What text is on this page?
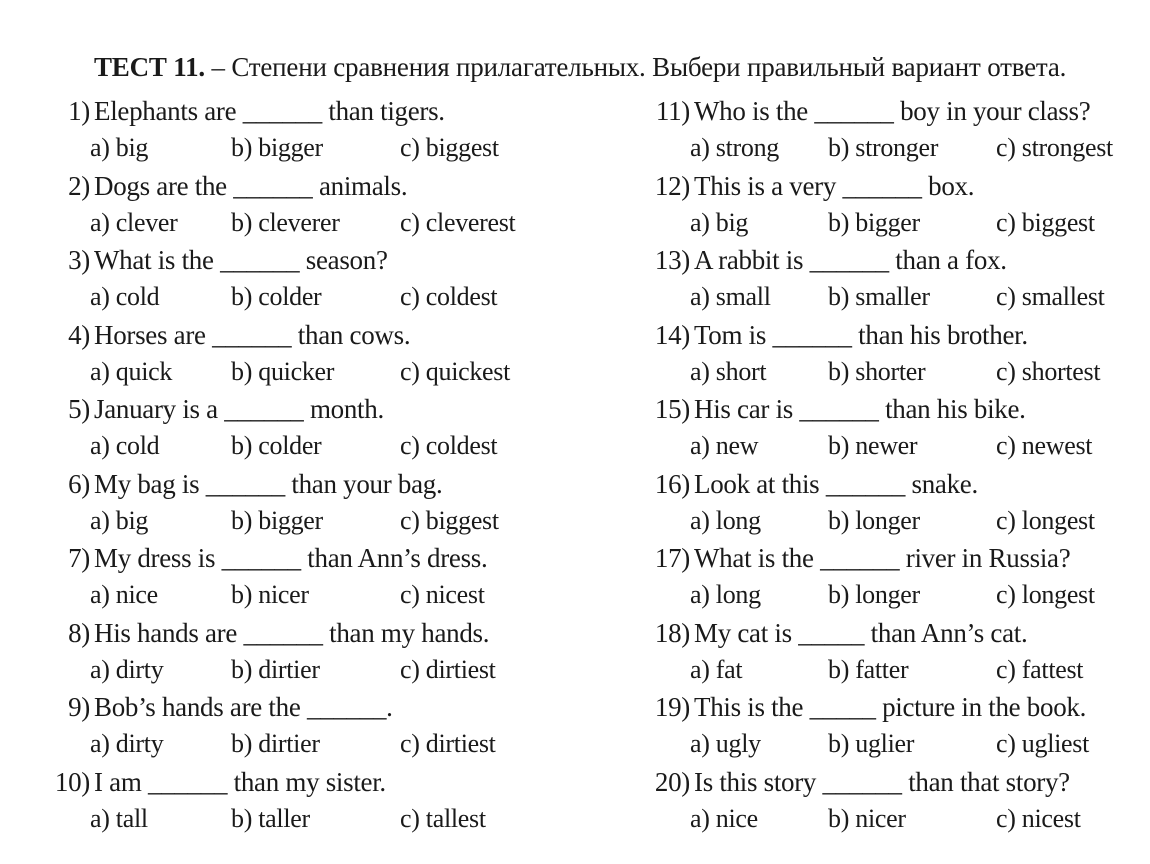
ТЕСТ 11. – Степени сравнения прилагательных. Выбери правильный вариант ответа.
1) Elephants are ______ than tigers.
a) big	b) bigger	c) biggest
2) Dogs are the ______ animals.
a) clever b) cleverer c) cleverest
3) What is the ______ season?
a) cold	b) colder	c) coldest
4) Horses are ______ than cows.
a) quick b) quicker	c) quickest
5) January is a ______ month.
a) cold	b) colder	c) coldest
6) My bag is ______ than your bag.
a) big	b) bigger	c) biggest
7) My dress is ______ than Ann’s dress.
a) nice	b) nicer	c) nicest
8) His hands are ______ than my hands.
a) dirty	b) dirtier	c) dirtiest
9) Bob’s hands are the ______.
a) dirty	b) dirtier	c) dirtiest
10) I am ______ than my sister.
a) tall	b) taller	c) tallest
11) Who is the ______ boy in your class?
a) strong b) stronger c) strongest
12) This is a very ______ box.
a) big	b) bigger	c) biggest
13) A rabbit is ______ than a fox.
a) small b) smaller	c) smallest
14) Tom is ______ than his brother.
a) short b) shorter	c) shortest
15) His car is ______ than his bike.
a) new	b) newer	c) newest
16) Look at this ______ snake.
a) long	b) longer	c) longest
17) What is the ______ river in Russia?
a) long	b) longer	c) longest
18) My cat is _____ than Ann’s cat.
a) fat	b) fatter	c) fattest
19) This is the _____ picture in the book.
a) ugly	b) uglier	c) ugliest
20) Is this story ______ than that story?
a) nice	b) nicer	c) nicest
